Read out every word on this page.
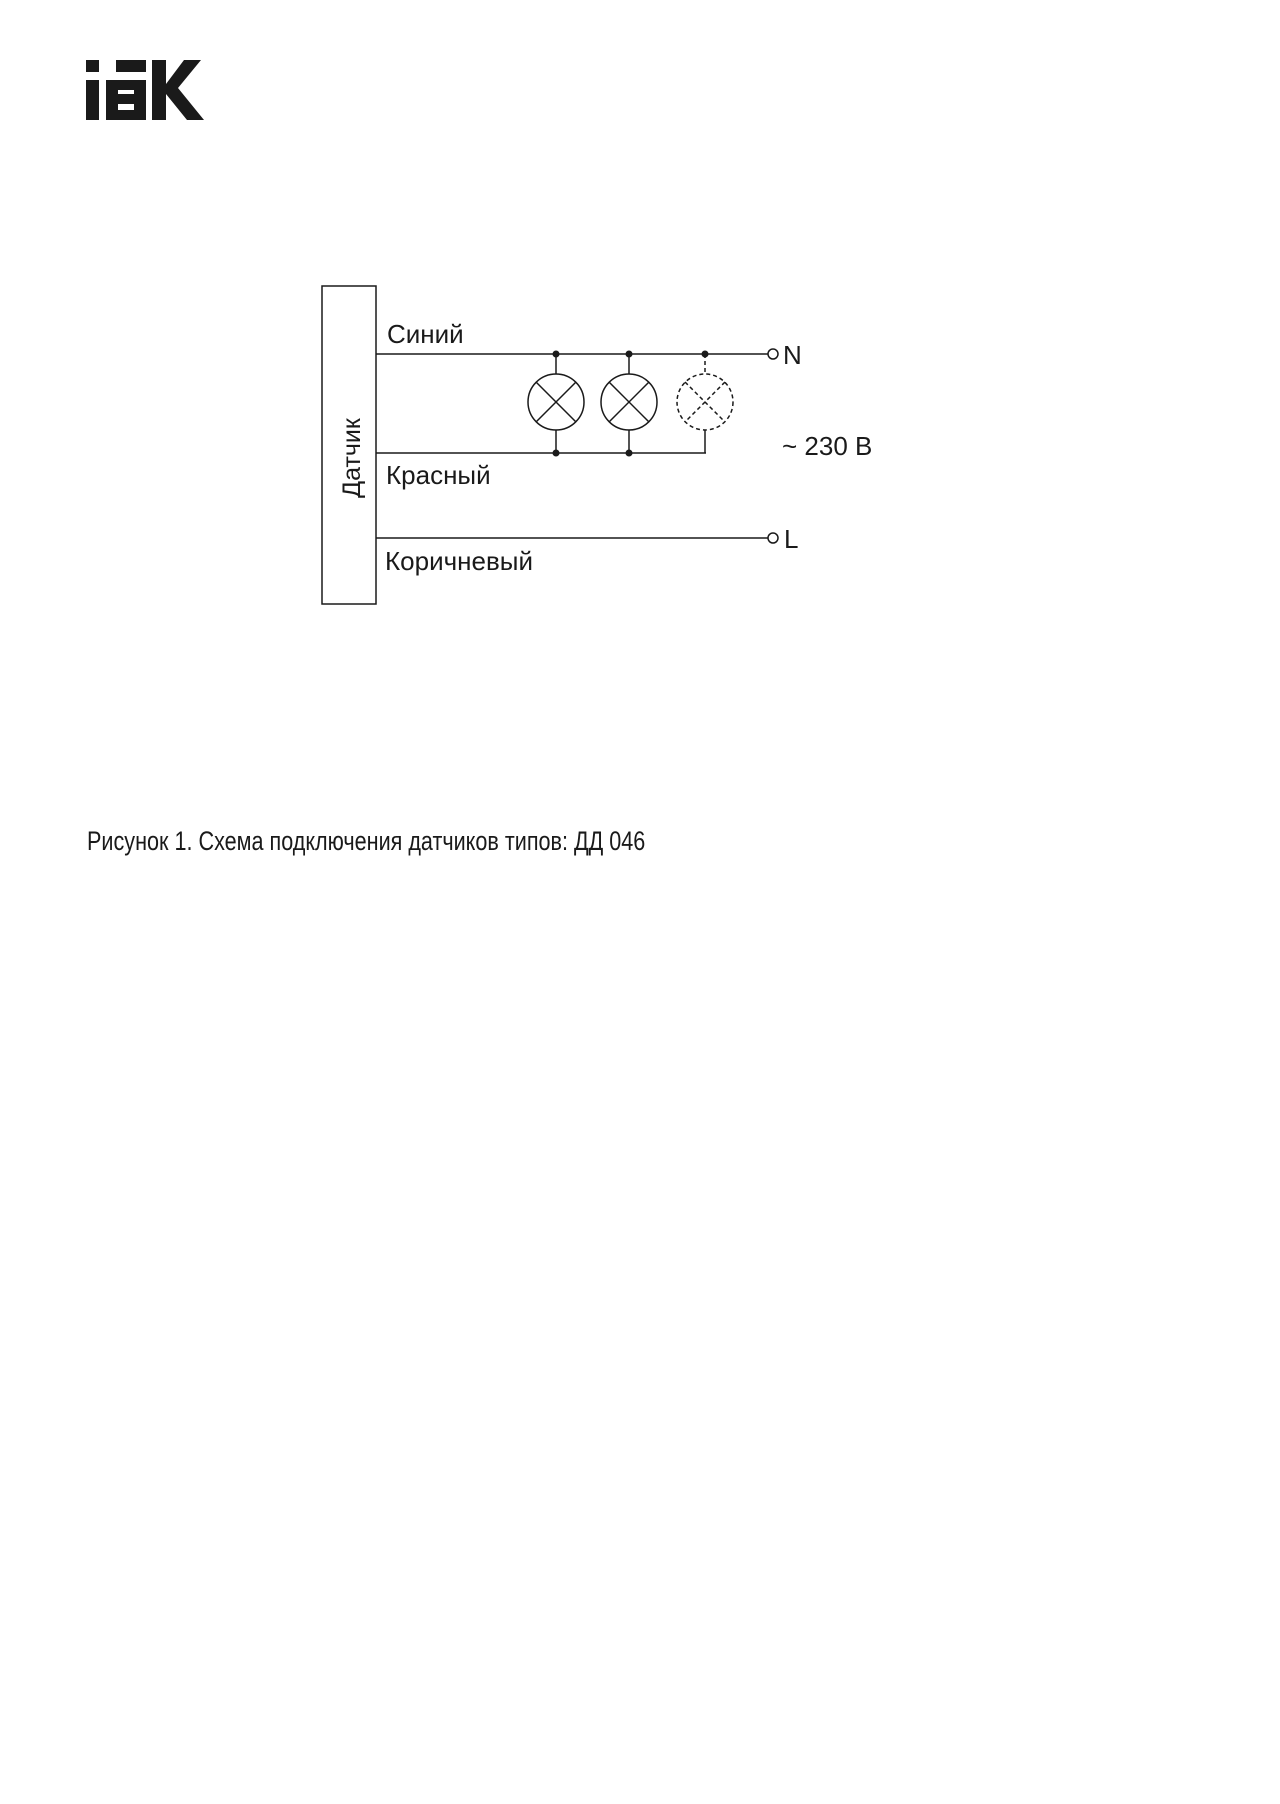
Датчик
Синий
N
Красный
~ 230 В
Коричневый
L

Рисунок 1. Схема подключения датчиков типов: ДД 046
